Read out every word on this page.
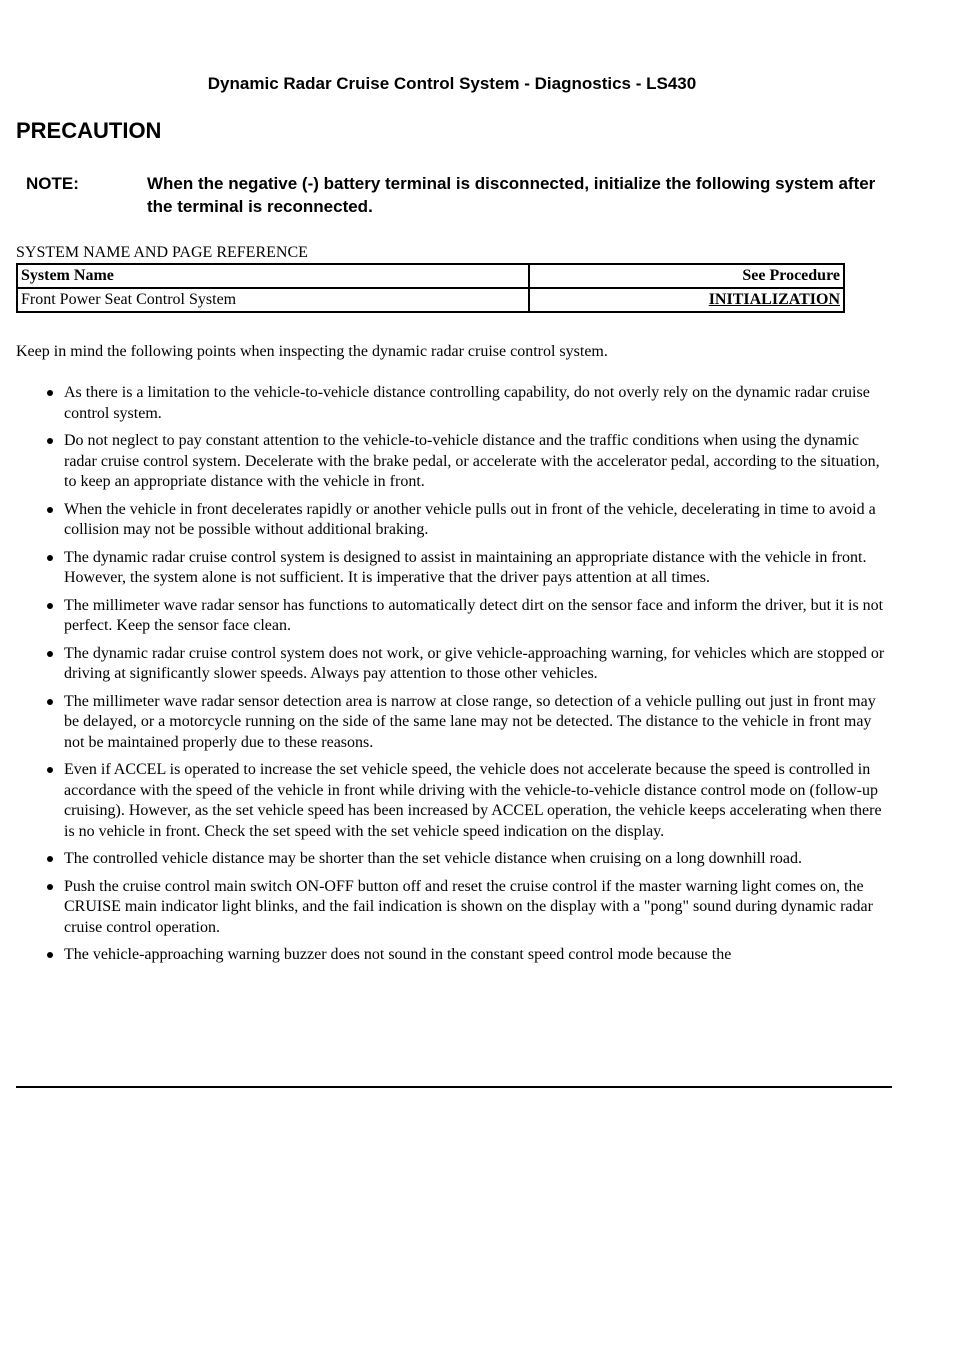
Dynamic Radar Cruise Control System - Diagnostics - LS430
PRECAUTION
NOTE:	When the negative (-) battery terminal is disconnected, initialize the following system after the terminal is reconnected.
SYSTEM NAME AND PAGE REFERENCE
System Name	See Procedure
Front Power Seat Control System	INITIALIZATION
Keep in mind the following points when inspecting the dynamic radar cruise control system.
As there is a limitation to the vehicle-to-vehicle distance controlling capability, do not overly rely on the dynamic radar cruise control system.
Do not neglect to pay constant attention to the vehicle-to-vehicle distance and the traffic conditions when using the dynamic radar cruise control system. Decelerate with the brake pedal, or accelerate with the accelerator pedal, according to the situation, to keep an appropriate distance with the vehicle in front.
When the vehicle in front decelerates rapidly or another vehicle pulls out in front of the vehicle, decelerating in time to avoid a collision may not be possible without additional braking.
The dynamic radar cruise control system is designed to assist in maintaining an appropriate distance with the vehicle in front. However, the system alone is not sufficient. It is imperative that the driver pays attention at all times.
The millimeter wave radar sensor has functions to automatically detect dirt on the sensor face and inform the driver, but it is not perfect. Keep the sensor face clean.
The dynamic radar cruise control system does not work, or give vehicle-approaching warning, for vehicles which are stopped or driving at significantly slower speeds. Always pay attention to those other vehicles.
The millimeter wave radar sensor detection area is narrow at close range, so detection of a vehicle pulling out just in front may be delayed, or a motorcycle running on the side of the same lane may not be detected. The distance to the vehicle in front may not be maintained properly due to these reasons.
Even if ACCEL is operated to increase the set vehicle speed, the vehicle does not accelerate because the speed is controlled in accordance with the speed of the vehicle in front while driving with the vehicle-to-vehicle distance control mode on (follow-up cruising). However, as the set vehicle speed has been increased by ACCEL operation, the vehicle keeps accelerating when there is no vehicle in front. Check the set speed with the set vehicle speed indication on the display.
The controlled vehicle distance may be shorter than the set vehicle distance when cruising on a long downhill road.
Push the cruise control main switch ON-OFF button off and reset the cruise control if the master warning light comes on, the CRUISE main indicator light blinks, and the fail indication is shown on the display with a "pong" sound during dynamic radar cruise control operation.
The vehicle-approaching warning buzzer does not sound in the constant speed control mode because the
